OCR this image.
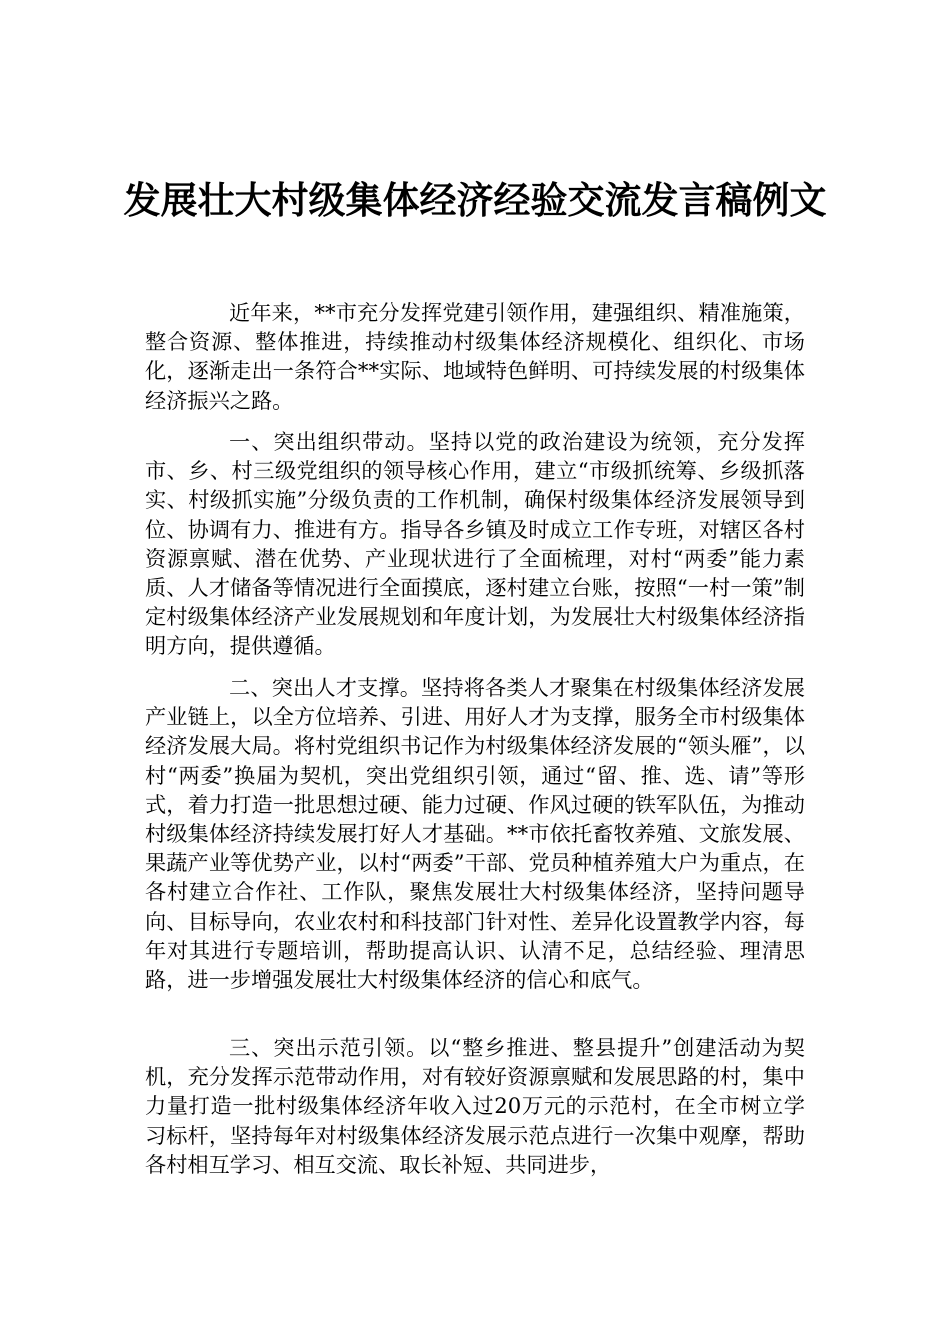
发展壮大村级集体经济经验交流发言稿例文

近年来，**市充分发挥党建引领作用，建强组织、精准施策，整合资源、整体推进，持续推动村级集体经济规模化、组织化、市场化，逐渐走出一条符合**实际、地域特色鲜明、可持续发展的村级集体经济振兴之路。

一、突出组织带动。坚持以党的政治建设为统领，充分发挥市、乡、村三级党组织的领导核心作用，建立“市级抓统筹、乡级抓落实、村级抓实施”分级负责的工作机制，确保村级集体经济发展领导到位、协调有力、推进有方。指导各乡镇及时成立工作专班，对辖区各村资源禀赋、潜在优势、产业现状进行了全面梳理，对村“两委”能力素质、人才储备等情况进行全面摸底，逐村建立台账，按照“一村一策”制定村级集体经济产业发展规划和年度计划，为发展壮大村级集体经济指明方向，提供遵循。

二、突出人才支撑。坚持将各类人才聚集在村级集体经济发展产业链上，以全方位培养、引进、用好人才为支撑，服务全市村级集体经济发展大局。将村党组织书记作为村级集体经济发展的“领头雁”，以村“两委”换届为契机，突出党组织引领，通过“留、推、选、请”等形式，着力打造一批思想过硬、能力过硬、作风过硬的铁军队伍，为推动村级集体经济持续发展打好人才基础。**市依托畜牧养殖、文旅发展、果蔬产业等优势产业，以村“两委”干部、党员种植养殖大户为重点，在各村建立合作社、工作队，聚焦发展壮大村级集体经济，坚持问题导向、目标导向，农业农村和科技部门针对性、差异化设置教学内容，每年对其进行专题培训，帮助提高认识、认清不足，总结经验、理清思路，进一步增强发展壮大村级集体经济的信心和底气。

三、突出示范引领。以“整乡推进、整县提升”创建活动为契机，充分发挥示范带动作用，对有较好资源禀赋和发展思路的村，集中力量打造一批村级集体经济年收入过20万元的示范村，在全市树立学习标杆，坚持每年对村级集体经济发展示范点进行一次集中观摩，帮助各村相互学习、相互交流、取长补短、共同进步，
